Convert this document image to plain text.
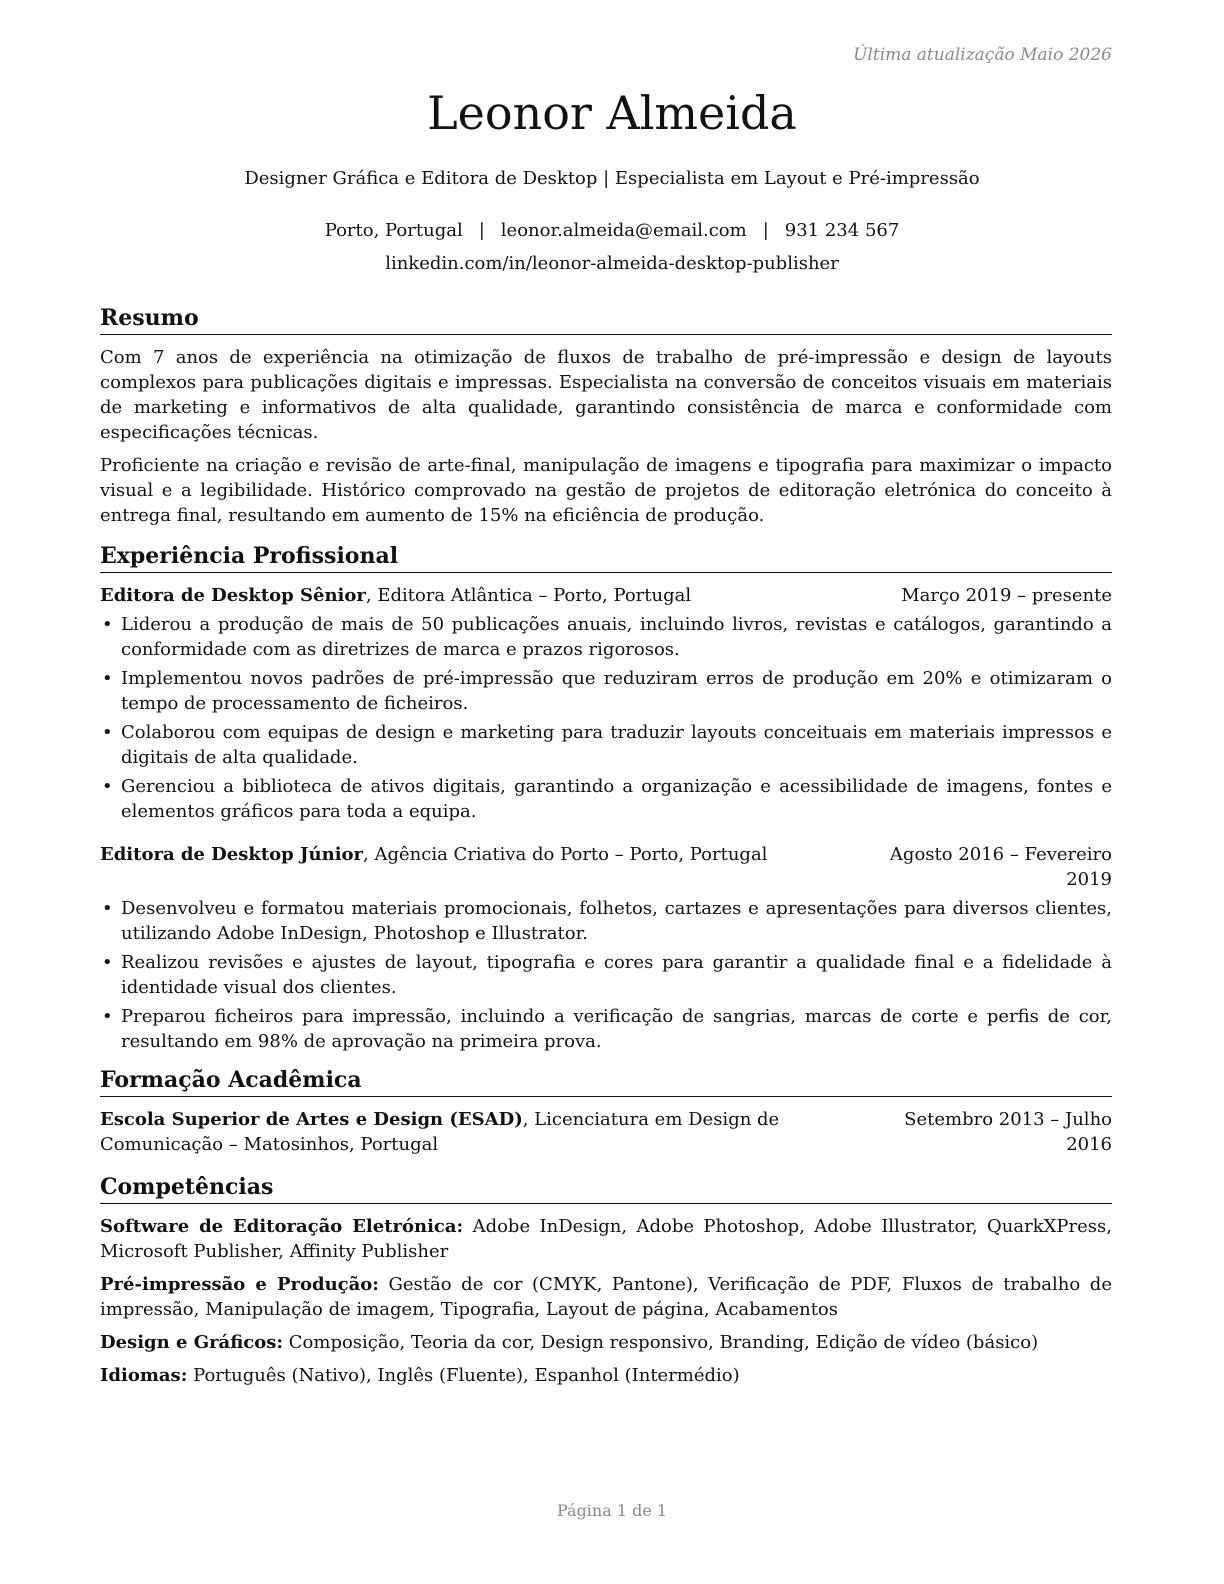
Última atualização Maio 2026
Leonor Almeida
Designer Gráfica e Editora de Desktop | Especialista em Layout e Pré-impressão
Porto, Portugal | leonor.almeida@email.com | 931 234 567
linkedin.com/in/leonor-almeida-desktop-publisher
Resumo

Com 7 anos de experiência na otimização de fluxos de trabalho de pré-impressão e design de layouts complexos para publicações digitais e impressas. Especialista na conversão de conceitos visuais em materiais de marketing e informativos de alta qualidade, garantindo consistência de marca e conformidade com especificações técnicas.

Proficiente na criação e revisão de arte-final, manipulação de imagens e tipografia para maximizar o impacto visual e a legibilidade. Histórico comprovado na gestão de projetos de editoração eletrónica do conceito à entrega final, resultando em aumento de 15% na eficiência de produção.

Experiência Profissional
Editora de Desktop Sênior, Editora Atlântica – Porto, Portugal	Março 2019 – presente
• Liderou a produção de mais de 50 publicações anuais, incluindo livros, revistas e catálogos, garantindo a conformidade com as diretrizes de marca e prazos rigorosos.
• Implementou novos padrões de pré-impressão que reduziram erros de produção em 20% e otimizaram o tempo de processamento de ficheiros.
• Colaborou com equipas de design e marketing para traduzir layouts conceituais em materiais impressos e digitais de alta qualidade.
• Gerenciou a biblioteca de ativos digitais, garantindo a organização e acessibilidade de imagens, fontes e elementos gráficos para toda a equipa.
Editora de Desktop Júnior, Agência Criativa do Porto – Porto, Portugal	Agosto 2016 – Fevereiro 2019
• Desenvolveu e formatou materiais promocionais, folhetos, cartazes e apresentações para diversos clientes, utilizando Adobe InDesign, Photoshop e Illustrator.
• Realizou revisões e ajustes de layout, tipografia e cores para garantir a qualidade final e a fidelidade à identidade visual dos clientes.
• Preparou ficheiros para impressão, incluindo a verificação de sangrias, marcas de corte e perfis de cor, resultando em 98% de aprovação na primeira prova.
Formação Acadêmica
Escola Superior de Artes e Design (ESAD), Licenciatura em Design de Comunicação – Matosinhos, Portugal
Setembro 2013 – Julho 2016
Competências

Software de Editoração Eletrónica: Adobe InDesign, Adobe Photoshop, Adobe Illustrator, QuarkXPress, Microsoft Publisher, Affinity Publisher

Pré-impressão e Produção: Gestão de cor (CMYK, Pantone), Verificação de PDF, Fluxos de trabalho de impressão, Manipulação de imagem, Tipografia, Layout de página, Acabamentos

Design e Gráficos: Composição, Teoria da cor, Design responsivo, Branding, Edição de vídeo (básico)

Idiomas: Português (Nativo), Inglês (Fluente), Espanhol (Intermédio)

Página 1 de 1
